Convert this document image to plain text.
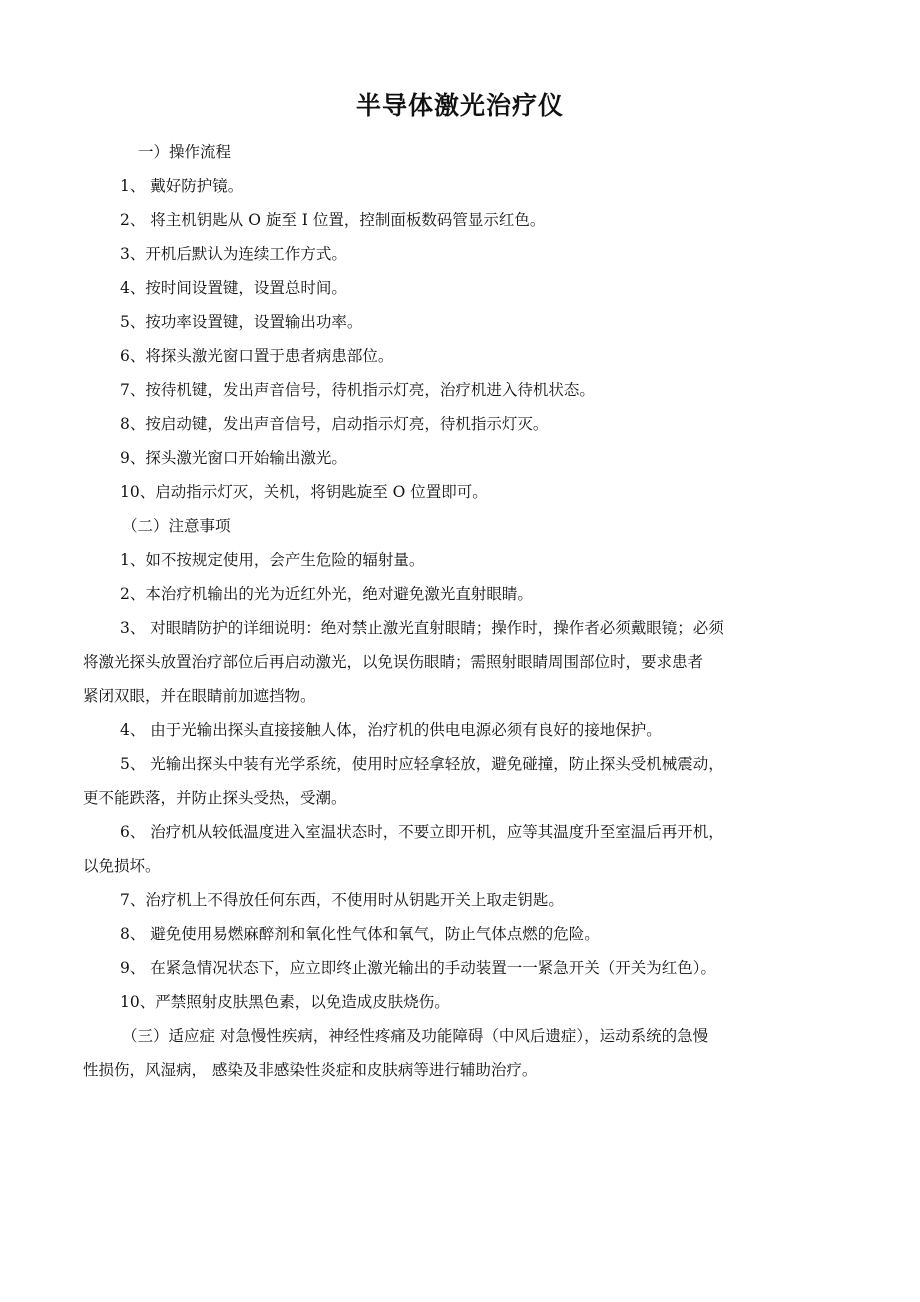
半导体激光治疗仪
一）操作流程
1、 戴好防护镜。
2、 将主机钥匙从 O 旋至 I 位置，控制面板数码管显示红色。
3、开机后默认为连续工作方式。
4、按时间设置键，设置总时间。
5、按功率设置键，设置输出功率。
6、将探头激光窗口置于患者病患部位。
7、按待机键，发出声音信号，待机指示灯亮，治疗机进入待机状态。
8、按启动键，发出声音信号，启动指示灯亮，待机指示灯灭。
9、探头激光窗口开始输出激光。
10、启动指示灯灭，关机，将钥匙旋至 O 位置即可。
（二）注意事项
1、如不按规定使用，会产生危险的辐射量。
2、本治疗机输出的光为近红外光，绝对避免激光直射眼睛。
3、 对眼睛防护的详细说明：绝对禁止激光直射眼睛；操作时，操作者必须戴眼镜；必须
将激光探头放置治疗部位后再启动激光，以免误伤眼睛；需照射眼睛周围部位时，要求患者
紧闭双眼，并在眼睛前加遮挡物。
4、 由于光输出探头直接接触人体，治疗机的供电电源必须有良好的接地保护。
5、 光输出探头中装有光学系统，使用时应轻拿轻放，避免碰撞，防止探头受机械震动，
更不能跌落，并防止探头受热，受潮。
6、 治疗机从较低温度进入室温状态时，不要立即开机，应等其温度升至室温后再开机，
以免损坏。
7、治疗机上不得放任何东西，不使用时从钥匙开关上取走钥匙。
8、 避免使用易燃麻醉剂和氧化性气体和氧气，防止气体点燃的危险。
9、 在紧急情况状态下，应立即终止激光输出的手动装置一一紧急开关（开关为红色）。
10、严禁照射皮肤黑色素，以免造成皮肤烧伤。
（三）适应症 对急慢性疾病，神经性疼痛及功能障碍（中风后遗症），运动系统的急慢
性损伤，风湿病， 感染及非感染性炎症和皮肤病等进行辅助治疗。
